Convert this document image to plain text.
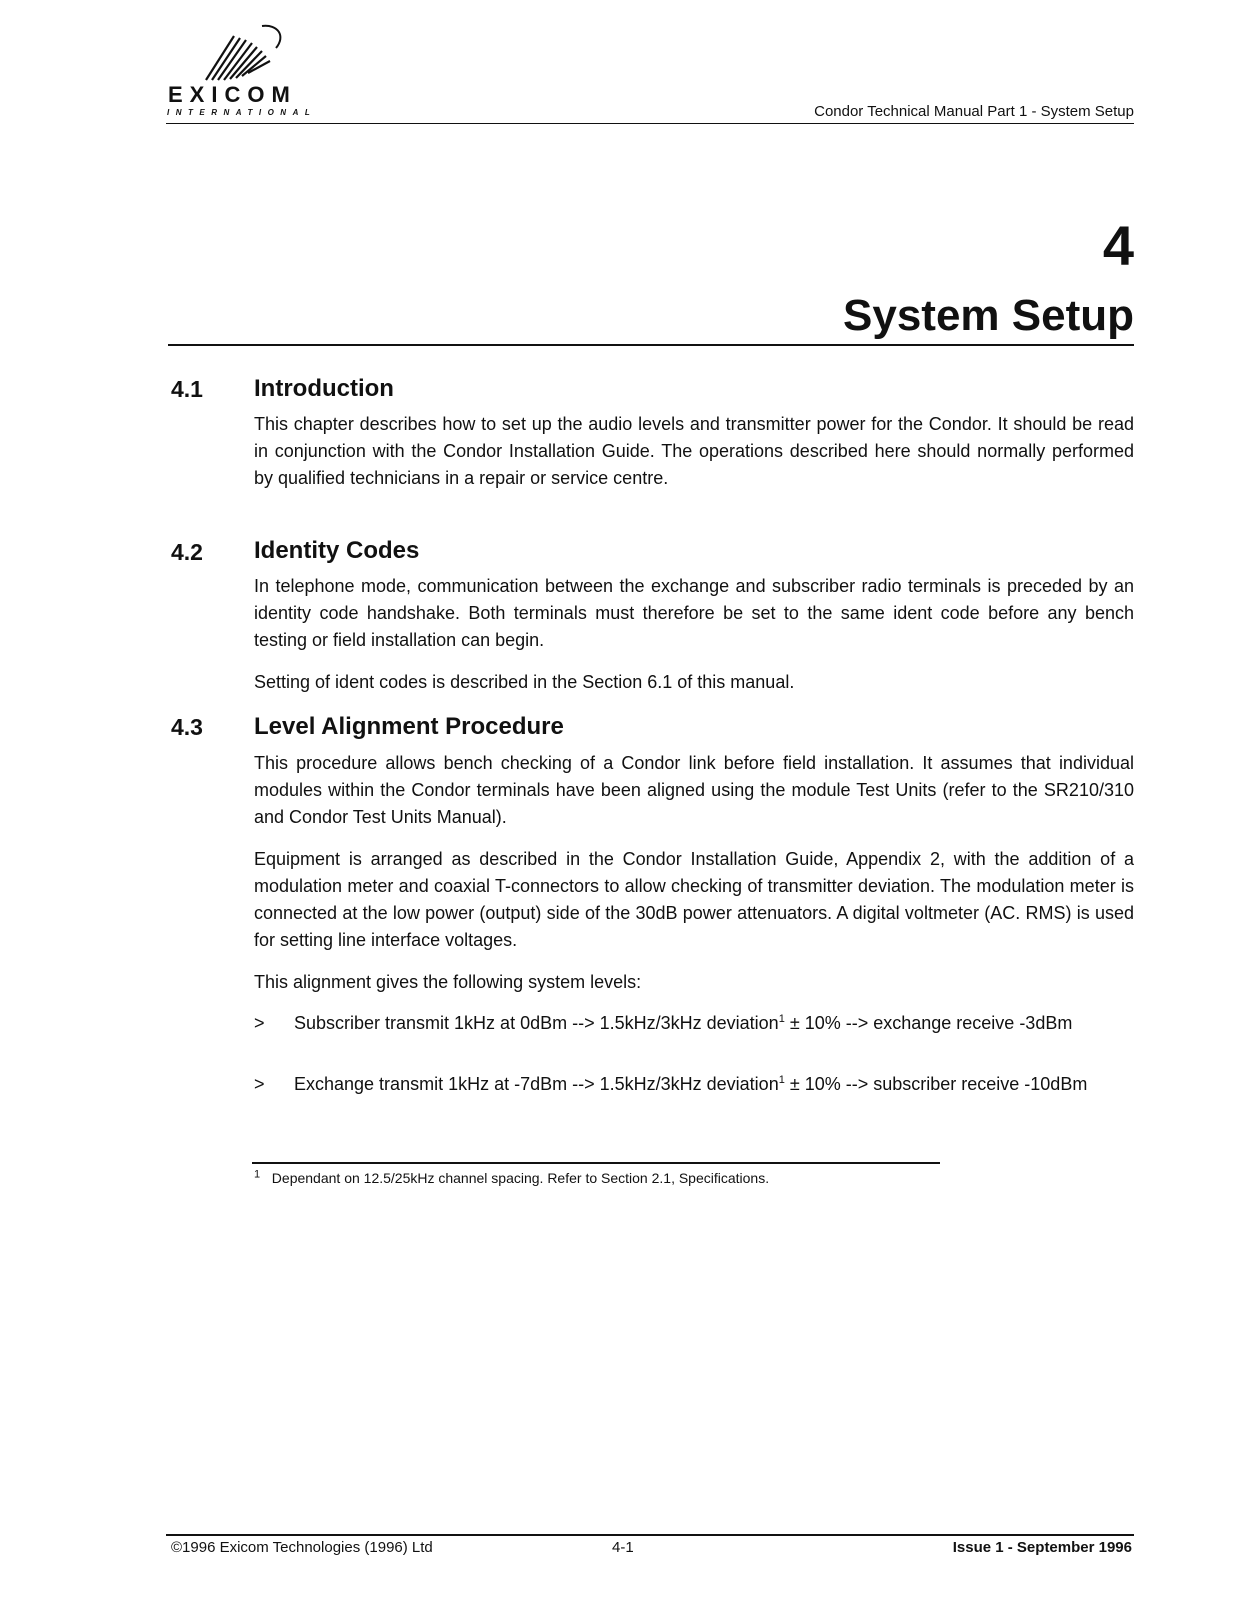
EXICOM
INTERNATIONAL	Condor Technical Manual Part 1 - System Setup
4
System Setup
4.1 Introduction

This chapter describes how to set up the audio levels and transmitter power for the Condor. It should be read in conjunction with the Condor Installation Guide. The operations described here should normally performed by qualified technicians in a repair or service centre.

4.2 Identity Codes

In telephone mode, communication between the exchange and subscriber radio terminals is preceded by an identity code handshake. Both terminals must therefore be set to the same ident code before any bench testing or field installation can begin.

Setting of ident codes is described in the Section 6.1 of this manual.

4.3 Level Alignment Procedure

This procedure allows bench checking of a Condor link before field installation. It assumes that individual modules within the Condor terminals have been aligned using the module Test Units (refer to the SR210/310 and Condor Test Units Manual).

Equipment is arranged as described in the Condor Installation Guide, Appendix 2, with the addition of a modulation meter and coaxial T-connectors to allow checking of transmitter deviation. The modulation meter is connected at the low power (output) side of the 30dB power attenuators. A digital voltmeter (AC. RMS) is used for setting line interface voltages.

This alignment gives the following system levels:

> Subscriber transmit 1kHz at 0dBm --> 1.5kHz/3kHz deviation$^1$ ± 10% --> exchange receive -3dBm

> Exchange transmit 1kHz at -7dBm --> 1.5kHz/3kHz deviation$^1$ ± 10% --> subscriber receive -10dBm

$^1$ Dependant on 12.5/25kHz channel spacing. Refer to Section 2.1, Specifications.
©1996 Exicom Technologies (1996) Ltd	4-1	Issue 1 - September 1996
